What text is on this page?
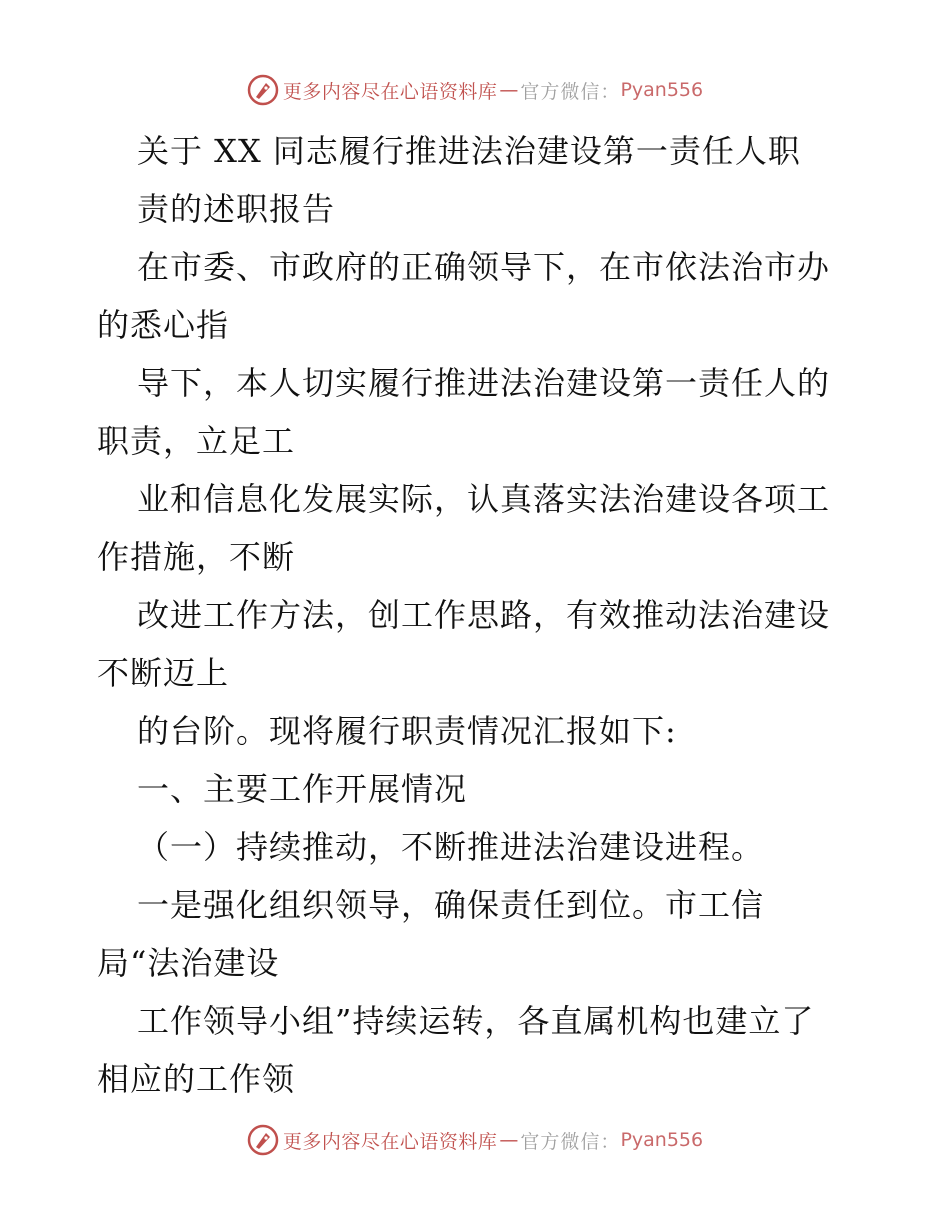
更多内容尽在心语资料库 — 官方微信： Pyan556
关于 XX 同志履行推进法治建设第一责任人职
责的述职报告
在市委、市政府的正确领导下，在市依法治市办
的悉心指
导下，本人切实履行推进法治建设第一责任人的
职责，立足工
业和信息化发展实际，认真落实法治建设各项工
作措施，不断
改进工作方法，创工作思路，有效推动法治建设
不断迈上
的台阶。现将履行职责情况汇报如下:
一、主要工作开展情况
（一）持续推动，不断推进法治建设进程。
一是强化组织领导，确保责任到位。市工信
局“法治建设
工作领导小组”持续运转，各直属机构也建立了
相应的工作领
更多内容尽在心语资料库 — 官方微信： Pyan556
